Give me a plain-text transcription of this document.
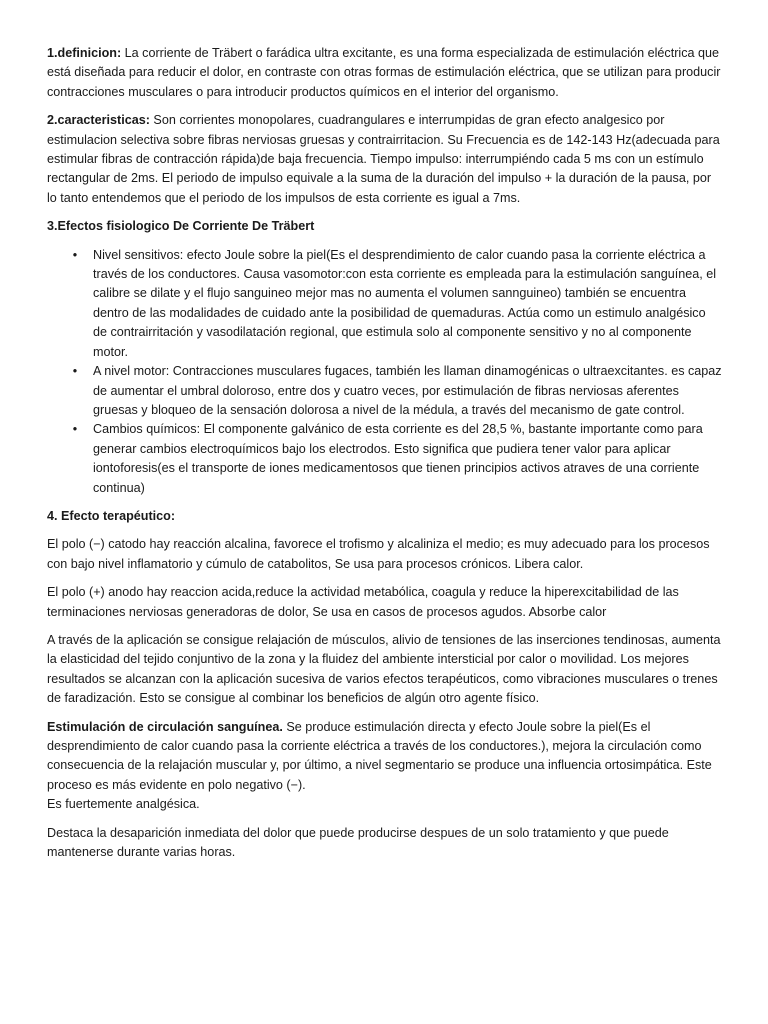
1.definicion: La corriente de Träbert o farádica ultra excitante, es una forma especializada de estimulación eléctrica que está diseñada para reducir el dolor, en contraste con otras formas de estimulación eléctrica, que se utilizan para producir contracciones musculares o para introducir productos químicos en el interior del organismo.

2.caracteristicas: Son corrientes monopolares, cuadrangulares e interrumpidas de gran efecto analgesico por estimulacion selectiva sobre fibras nerviosas gruesas y contrairritacion. Su Frecuencia es de 142-143 Hz(adecuada para estimular fibras de contracción rápida)de baja frecuencia. Tiempo impulso: interrumpiéndo cada 5 ms con un estímulo rectangular de 2ms. El periodo de impulso equivale a la suma de la duración del impulso + la duración de la pausa, por lo tanto entendemos que el periodo de los impulsos de esta corriente es igual a 7ms.

3.Efectos fisiologico De Corriente De Träbert

•	Nivel sensitivos: efecto Joule sobre la piel(Es el desprendimiento de calor cuando pasa la corriente eléctrica a través de los conductores. Causa vasomotor:con esta corriente es empleada para la estimulación sanguínea, el calibre se dilate y el flujo sanguineo mejor mas no aumenta el volumen sannguineo) también se encuentra dentro de las modalidades de cuidado ante la posibilidad de quemaduras. Actúa como un estimulo analgésico de contrairritación y vasodilatación regional, que estimula solo al componente sensitivo y no al componente motor.
•	A nivel motor: Contracciones musculares fugaces, también les llaman dinamogénicas o ultraexcitantes. es capaz de aumentar el umbral doloroso, entre dos y cuatro veces, por estimulación de fibras nerviosas aferentes gruesas y bloqueo de la sensación dolorosa a nivel de la médula, a través del mecanismo de gate control.
•	Cambios químicos: El componente galvánico de esta corriente es del 28,5 %, bastante importante como para generar cambios electroquímicos bajo los electrodos. Esto significa que pudiera tener valor para aplicar iontoforesis(es el transporte de iones medicamentosos que tienen principios activos atraves de una corriente continua)

4. Efecto terapéutico:

El polo (−) catodo hay reacción alcalina, favorece el trofismo y alcaliniza el medio; es muy adecuado para los procesos con bajo nivel inflamatorio y cúmulo de catabolitos, Se usa para procesos crónicos. Libera calor.

El polo (+) anodo hay reaccion acida,reduce la actividad metabólica, coagula y reduce la hiperexcitabilidad de las terminaciones nerviosas generadoras de dolor, Se usa en casos de procesos agudos. Absorbe calor

A través de la aplicación se consigue relajación de músculos, alivio de tensiones de las inserciones tendinosas, aumenta la elasticidad del tejido conjuntivo de la zona y la fluidez del ambiente intersticial por calor o movilidad. Los mejores resultados se alcanzan con la aplicación sucesiva de varios efectos terapéuticos, como vibraciones musculares o trenes de faradización. Esto se consigue al combinar los beneficios de algún otro agente físico.

Estimulación de circulación sanguínea. Se produce estimulación directa y efecto Joule sobre la piel(Es el desprendimiento de calor cuando pasa la corriente eléctrica a través de los conductores.), mejora la circulación como consecuencia de la relajación muscular y, por último, a nivel segmentario se produce una influencia ortosimpática. Este proceso es más evidente en polo negativo (−).
Es fuertemente analgésica.

Destaca la desaparición inmediata del dolor que puede producirse despues de un solo tratamiento y que puede mantenerse durante varias horas.
